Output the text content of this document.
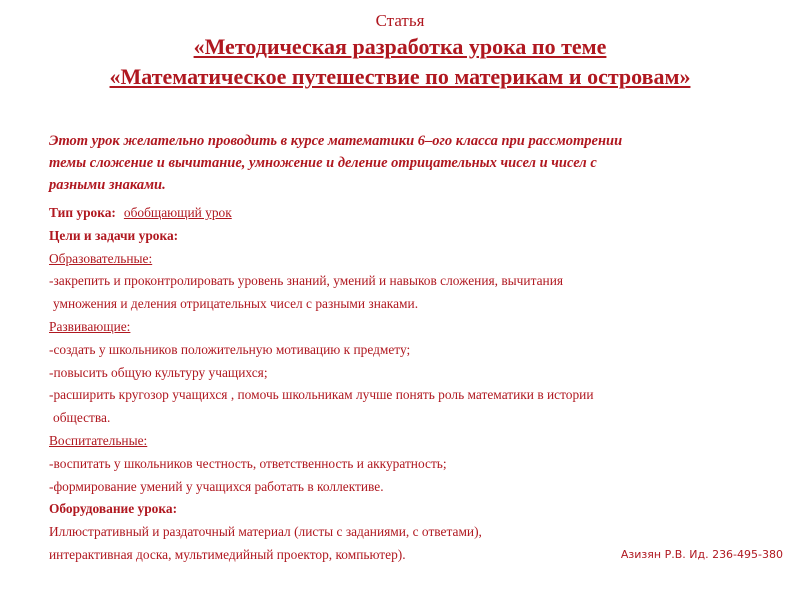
Статья
«Методическая разработка урока по теме
«Математическое путешествие по материкам и островам»
Этот урок желательно проводить в курсе математики 6–ого класса при рассмотрении
темы сложение и вычитание, умножение и деление отрицательных чисел и чисел с
разными знаками.
Тип урока: обобщающий урок
Цели и задачи урока:
Образовательные:
-закрепить и проконтролировать уровень знаний, умений и навыков сложения, вычитания
умножения и деления отрицательных чисел с разными знаками.
Развивающие:
-создать у школьников положительную мотивацию к предмету;
-повысить общую культуру учащихся;
-расширить кругозор учащихся , помочь школьникам лучше понять роль математики в истории
общества.
Воспитательные:
-воспитать у школьников честность, ответственность и аккуратность;
-формирование умений у учащихся работать в коллективе.
Оборудование урока:
Иллюстративный и раздаточный материал (листы с заданиями, с ответами),
интерактивная доска, мультимедийный проектор, компьютер).	Азизян Р.В. Ид. 236-495-380
